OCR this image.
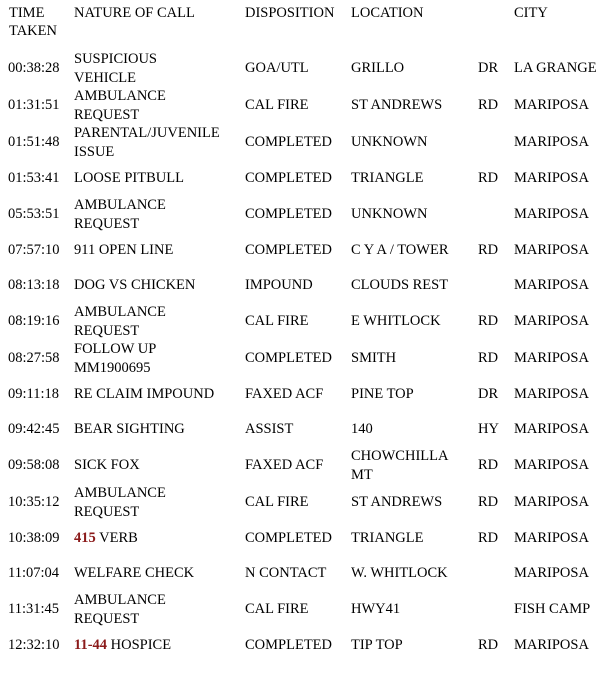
TIME
TAKEN	NATURE OF CALL	DISPOSITION	LOCATION		CITY
00:38:28	SUSPICIOUS
VEHICLE	GOA/UTL	GRILLO	DR	LA GRANGE
01:31:51	AMBULANCE
REQUEST	CAL FIRE	ST ANDREWS	RD	MARIPOSA
01:51:48	PARENTAL/JUVENILE
ISSUE	COMPLETED	UNKNOWN		MARIPOSA
01:53:41	LOOSE PITBULL	COMPLETED	TRIANGLE	RD	MARIPOSA
05:53:51	AMBULANCE
REQUEST	COMPLETED	UNKNOWN		MARIPOSA
07:57:10	911 OPEN LINE	COMPLETED	C Y A / TOWER	RD	MARIPOSA
08:13:18	DOG VS CHICKEN	IMPOUND	CLOUDS REST		MARIPOSA
08:19:16	AMBULANCE
REQUEST	CAL FIRE	E WHITLOCK	RD	MARIPOSA
08:27:58	FOLLOW UP
MM1900695	COMPLETED	SMITH	RD	MARIPOSA
09:11:18	RE CLAIM IMPOUND	FAXED ACF	PINE TOP	DR	MARIPOSA
09:42:45	BEAR SIGHTING	ASSIST	140	HY	MARIPOSA
09:58:08	SICK FOX	FAXED ACF	CHOWCHILLA
MT	RD	MARIPOSA
10:35:12	AMBULANCE
REQUEST	CAL FIRE	ST ANDREWS	RD	MARIPOSA
10:38:09	415 VERB	COMPLETED	TRIANGLE	RD	MARIPOSA
11:07:04	WELFARE CHECK	N CONTACT	W. WHITLOCK		MARIPOSA
11:31:45	AMBULANCE
REQUEST	CAL FIRE	HWY41		FISH CAMP
12:32:10	11-44 HOSPICE	COMPLETED	TIP TOP	RD	MARIPOSA
